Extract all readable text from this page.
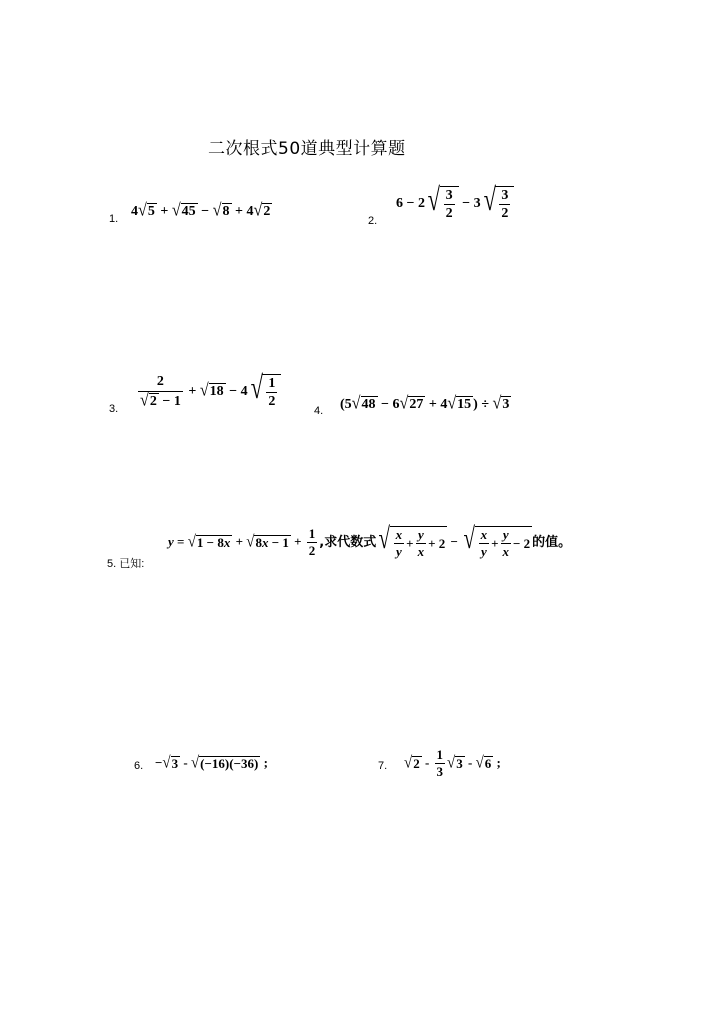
二次根式50道典型计算题
1.
4 √ 5 + √ 45 − √ 8 + 4 √ 2
2.
6 − 2 √ $\frac{3}{2} - 3$ √ $\frac{3}{2}$
3. $\frac{2}{√ 2 - 1}$ + √ 18 − 4 √ $\frac{1}{2}$
4. (5 √ 48 − 6 √ 27 + 4 √ 15 ) ÷ √ 3
5. 已知:
y = √ 1 − 8x + √ $8x - 1 + \frac{1}{2}$ ,求代数式 √ $\frac{x}{y} + \frac{y}{x} + 2$ − √ $\frac{x}{y} + \frac{y}{x} - 2$ 的值。
6. − √ 3 - √ (−16)(−36) ;	7. √ $2 - \frac{1}{3}$ √ 3 - √ 6 ;
